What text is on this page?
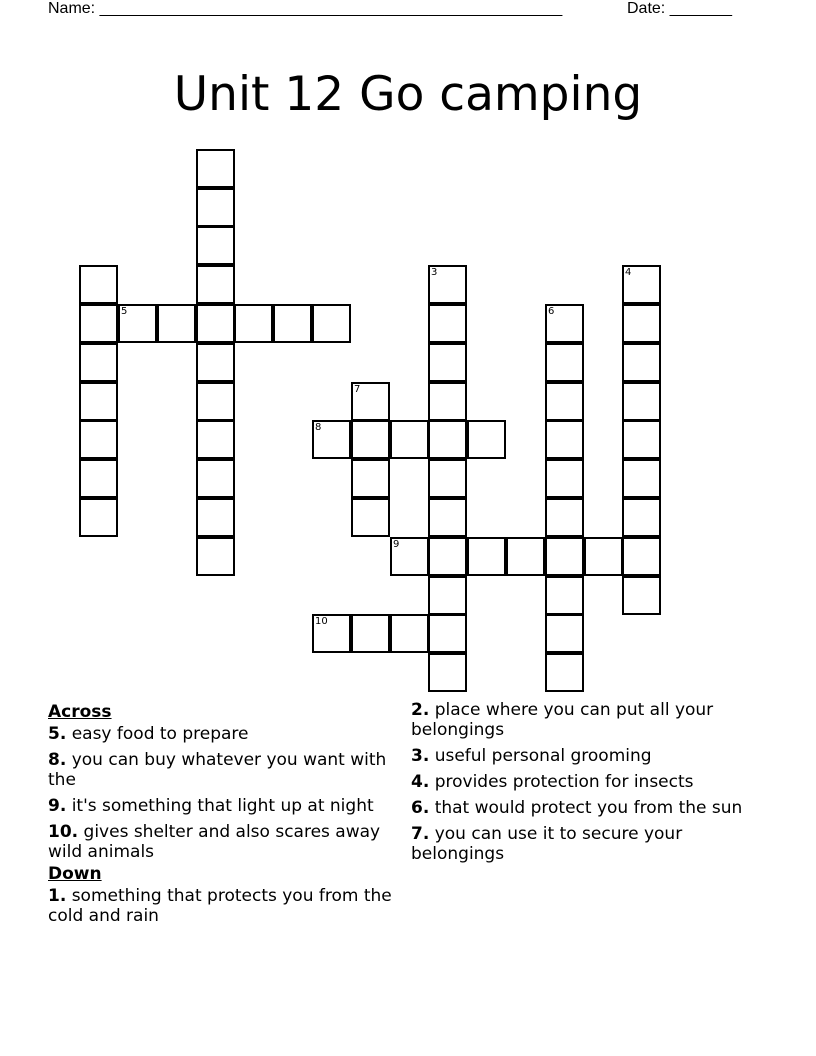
Name: ____________________________________________________	Date: _______
Unit 12 Go camping
5
3	4
6
7
8
9
10
Across
5. easy food to prepare
8. you can buy whatever you want with the
9. it's something that light up at night
10. gives shelter and also scares away wild animals
Down
1. something that protects you from the cold and rain
2. place where you can put all your belongings
3. useful personal grooming
4. provides protection for insects
6. that would protect you from the sun
7. you can use it to secure your belongings
